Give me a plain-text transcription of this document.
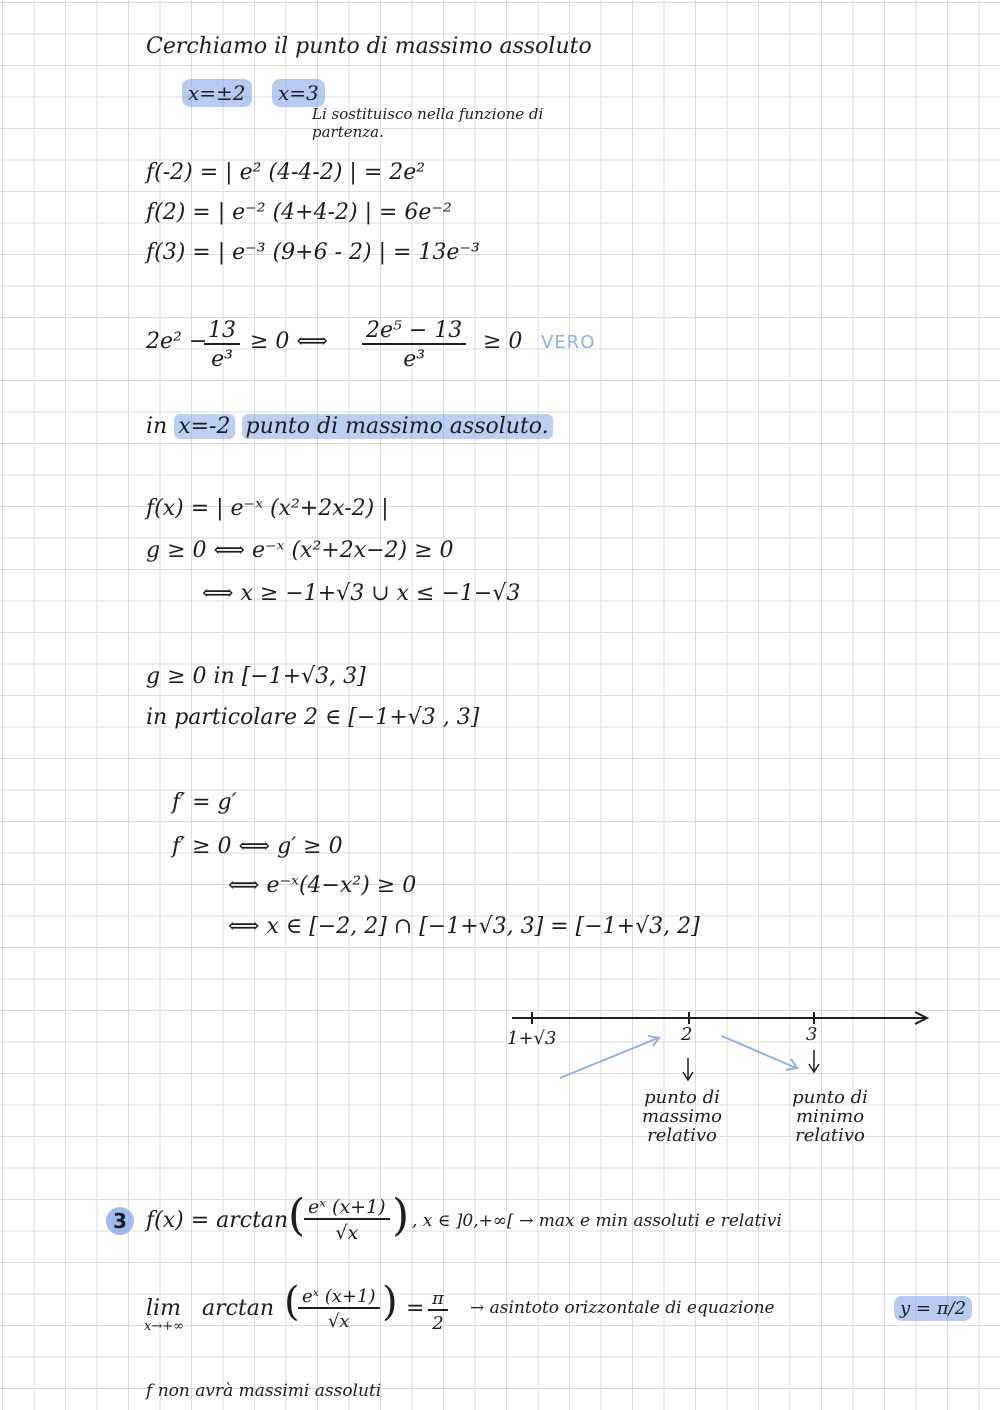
Cerchiamo il punto di massimo assoluto
x=±2	x=3
Li sostituisco nella funzione di partenza.
f(-2) = | e² (4-4-2) | = 2e²
f(2) = | e⁻² (4+4-2) | = 6e⁻²
f(3) = | e⁻³ (9+6 - 2) | = 13e⁻³
2e² −
$\frac{13}{\text{e³}} \ge 0$ ⟺ $\frac{\text{2e⁵ − 13}}{\text{e³}} \ge 0$ VERO
in x=-2 punto di massimo assoluto.
f(x) = | e⁻ˣ (x²+2x-2) |
g ≥ 0 ⟺ e⁻ˣ (x²+2x−2) ≥ 0
⟺ x ≥ −1+√3 ∪ x ≤ −1−√3
g ≥ 0 in [−1+√3, 3]
in particolare 2 ∈ [−1+√3 , 3]
f′ = g′
f′ ≥ 0 ⟺ g′ ≥ 0
⟺ e⁻ˣ(4−x²) ≥ 0
⟺ x ∈ [−2, 2] ∩ [−1+√3, 3] = [−1+√3, 2]
1+√3	2	3
punto di
massimo
relativo
punto di
minimo
relativo
3 f(x) = arctan (
$\frac{\text{eˣ (x+1)}}{√x}$ ) , x ∈ ]0,+∞[ → max e min assoluti e relativi
lim
x→+∞
arctan (
$\frac{\text{eˣ (x+1)}}{√x}$ ) = $\frac{\pi}{2}$ → asintoto orizzontale di equazione	y = π/2
f non avrà massimi assoluti
